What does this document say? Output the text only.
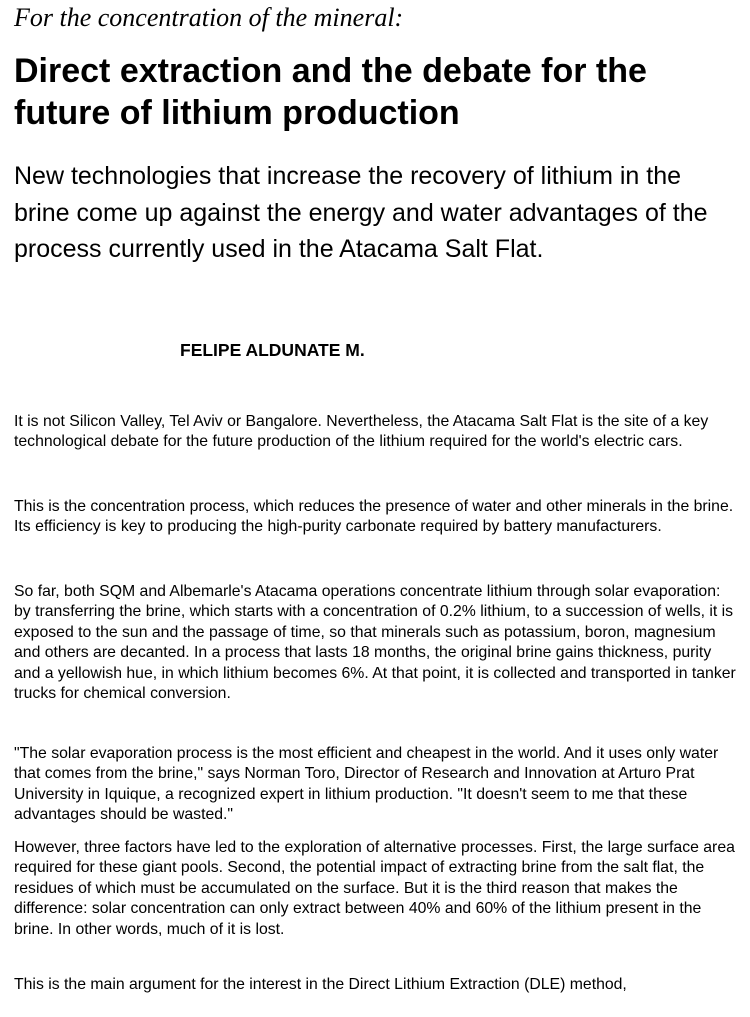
For the concentration of the mineral:
Direct extraction and the debate for the future of lithium production

New technologies that increase the recovery of lithium in the brine come up against the energy and water advantages of the process currently used in the Atacama Salt Flat.

FELIPE ALDUNATE M.

It is not Silicon Valley, Tel Aviv or Bangalore. Nevertheless, the Atacama Salt Flat is the site of a key technological debate for the future production of the lithium required for the world's electric cars.

This is the concentration process, which reduces the presence of water and other minerals in the brine. Its efficiency is key to producing the high-purity carbonate required by battery manufacturers.

So far, both SQM and Albemarle's Atacama operations concentrate lithium through solar evaporation: by transferring the brine, which starts with a concentration of 0.2% lithium, to a succession of wells, it is exposed to the sun and the passage of time, so that minerals such as potassium, boron, magnesium and others are decanted. In a process that lasts 18 months, the original brine gains thickness, purity and a yellowish hue, in which lithium becomes 6%. At that point, it is collected and transported in tanker trucks for chemical conversion.

"The solar evaporation process is the most efficient and cheapest in the world. And it uses only water that comes from the brine," says Norman Toro, Director of Research and Innovation at Arturo Prat University in Iquique, a recognized expert in lithium production. "It doesn't seem to me that these advantages should be wasted."

However, three factors have led to the exploration of alternative processes. First, the large surface area required for these giant pools. Second, the potential impact of extracting brine from the salt flat, the residues of which must be accumulated on the surface. But it is the third reason that makes the difference: solar concentration can only extract between 40% and 60% of the lithium present in the brine. In other words, much of it is lost.

This is the main argument for the interest in the Direct Lithium Extraction (DLE) method,
